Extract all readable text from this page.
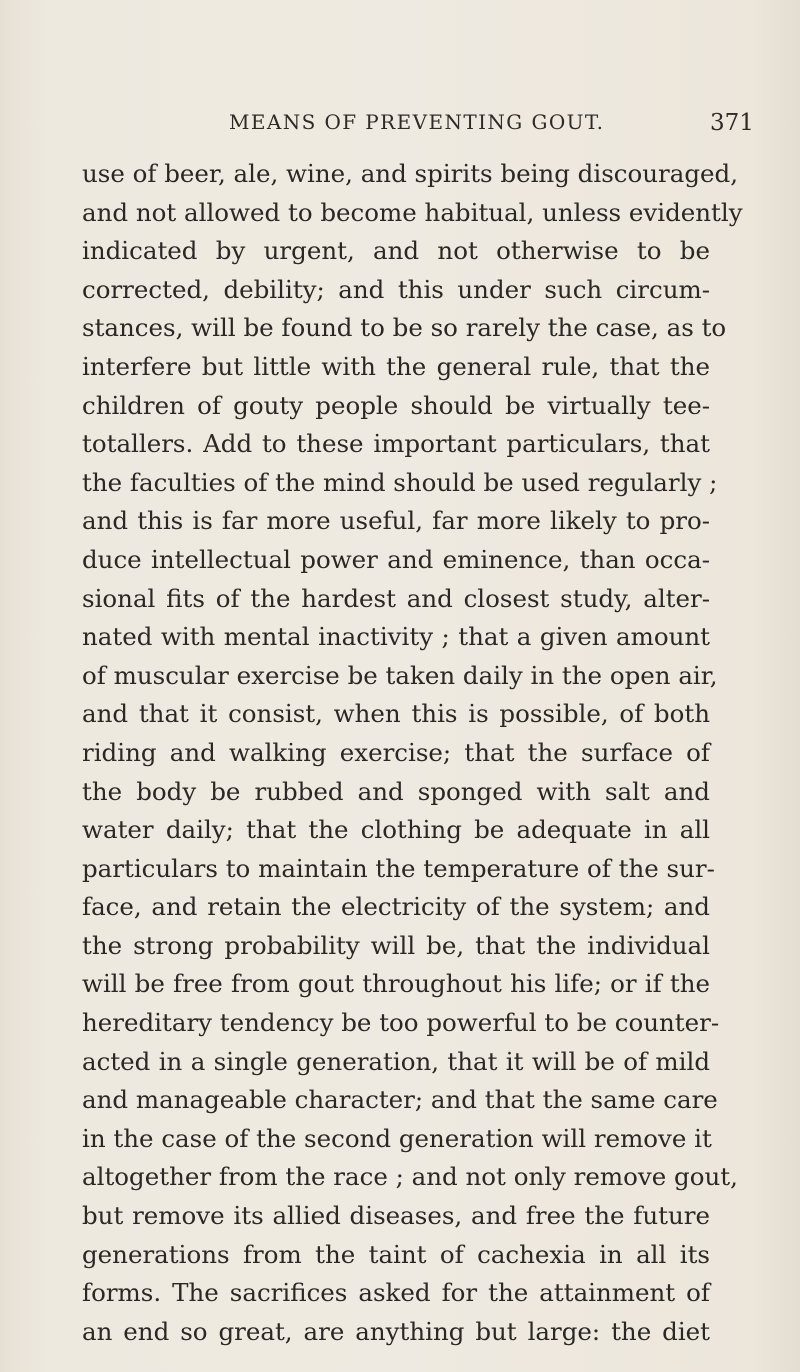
MEANS OF PREVENTING GOUT.	371
use of beer, ale, wine, and spirits being discouraged,
and not allowed to become habitual, unless evidently
indicated by urgent, and not otherwise to be
corrected, debility; and this under such circum-
stances, will be found to be so rarely the case, as to
interfere but little with the general rule, that the
children of gouty people should be virtually tee-
totallers. Add to these important particulars, that
the faculties of the mind should be used regularly ;
and this is far more useful, far more likely to pro-
duce intellectual power and eminence, than occa-
sional fits of the hardest and closest study, alter-
nated with mental inactivity ; that a given amount
of muscular exercise be taken daily in the open air,
and that it consist, when this is possible, of both
riding and walking exercise; that the surface of
the body be rubbed and sponged with salt and
water daily; that the clothing be adequate in all
particulars to maintain the temperature of the sur-
face, and retain the electricity of the system; and
the strong probability will be, that the individual
will be free from gout throughout his life; or if the
hereditary tendency be too powerful to be counter-
acted in a single generation, that it will be of mild
and manageable character; and that the same care
in the case of the second generation will remove it
altogether from the race ; and not only remove gout,
but remove its allied diseases, and free the future
generations from the taint of cachexia in all its
forms. The sacrifices asked for the attainment of
an end so great, are anything but large: the diet
